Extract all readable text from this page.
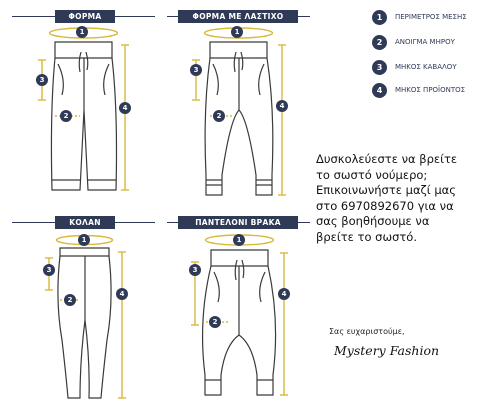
ΦΟΡΜΑ	ΦΟΡΜΑ ΜΕ ΛΑΣΤΙΧΟ
ΚΟΛΑΝ	ΠΑΝΤΕΛΟΝΙ ΒΡΑΚΑ
1
2
3
4
1
2
3
4
1
2
3
4
1
2
3
4
1	ΠΕΡΙΜΕΤΡΟΣ ΜΕΣΗΣ
2	ΑΝΟΙΓΜΑ ΜΗΡΟΥ
3	ΜΗΚΟΣ ΚΑΒΑΛΟΥ
4	ΜΗΚΟΣ ΠΡΟΪΟΝΤΟΣ
Δυσκολεύεστε να βρείτε
το σωστό νούμερο;
Επικοινωνήστε μαζί μας
στο 6970892670 για να
σας βοηθήσουμε να
βρείτε το σωστό.
Σας ευχαριστούμε,
Mystery Fashion
